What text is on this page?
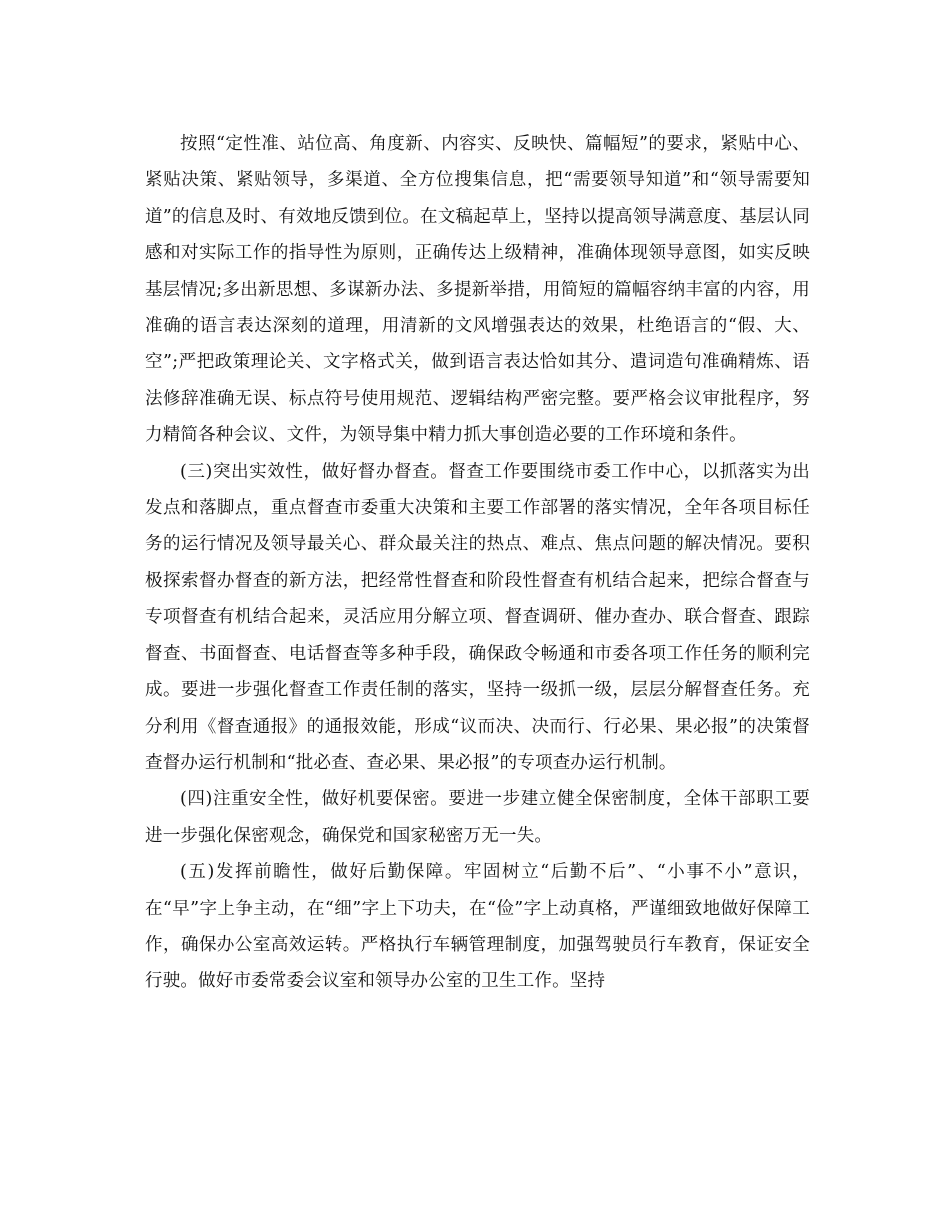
按照“定性准、站位高、角度新、内容实、反映快、篇幅短”的要求，紧贴中心、紧贴决策、紧贴领导，多渠道、全方位搜集信息，把“需要领导知道”和“领导需要知道”的信息及时、有效地反馈到位。在文稿起草上，坚持以提高领导满意度、基层认同感和对实际工作的指导性为原则，正确传达上级精神，准确体现领导意图，如实反映基层情况;多出新思想、多谋新办法、多提新举措，用简短的篇幅容纳丰富的内容，用准确的语言表达深刻的道理，用清新的文风增强表达的效果，杜绝语言的“假、大、空”;严把政策理论关、文字格式关，做到语言表达恰如其分、遣词造句准确精炼、语法修辞准确无误、标点符号使用规范、逻辑结构严密完整。要严格会议审批程序，努力精简各种会议、文件，为领导集中精力抓大事创造必要的工作环境和条件。

(三)突出实效性，做好督办督查。督查工作要围绕市委工作中心，以抓落实为出发点和落脚点，重点督查市委重大决策和主要工作部署的落实情况，全年各项目标任务的运行情况及领导最关心、群众最关注的热点、难点、焦点问题的解决情况。要积极探索督办督查的新方法，把经常性督查和阶段性督查有机结合起来，把综合督查与专项督查有机结合起来，灵活应用分解立项、督查调研、催办查办、联合督查、跟踪督查、书面督查、电话督查等多种手段，确保政令畅通和市委各项工作任务的顺利完成。要进一步强化督查工作责任制的落实，坚持一级抓一级，层层分解督查任务。充分利用《督查通报》的通报效能，形成“议而决、决而行、行必果、果必报”的决策督查督办运行机制和“批必查、查必果、果必报”的专项查办运行机制。

(四)注重安全性，做好机要保密。要进一步建立健全保密制度，全体干部职工要进一步强化保密观念，确保党和国家秘密万无一失。

(五)发挥前瞻性，做好后勤保障。牢固树立“后勤不后”、“小事不小”意识，在“早”字上争主动，在“细”字上下功夫，在“俭”字上动真格，严谨细致地做好保障工作，确保办公室高效运转。严格执行车辆管理制度，加强驾驶员行车教育，保证安全行驶。做好市委常委会议室和领导办公室的卫生工作。坚持
